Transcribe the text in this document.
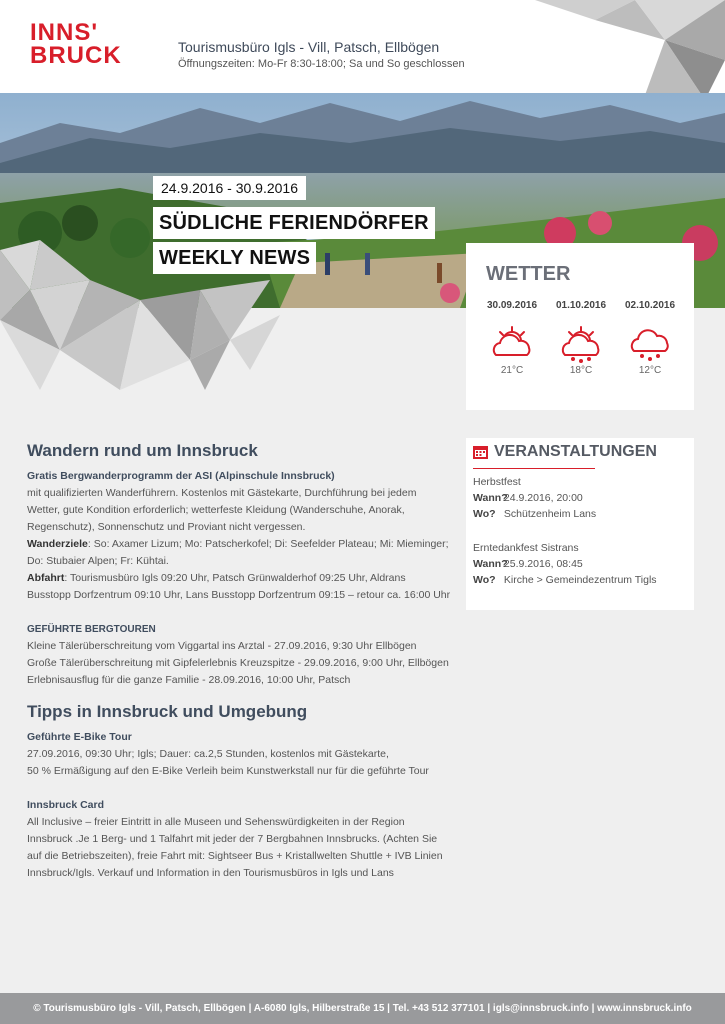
INNS'
BRUCK	Tourismusbüro Igls - Vill, Patsch, Ellbögen
Öffnungszeiten: Mo-Fr 8:30-18:00; Sa und So geschlossen
24.9.2016 - 30.9.2016
SÜDLICHE FERIENDÖRFER
WEEKLY NEWS
WETTER
30.09.2016
21°C
01.10.2016
18°C
02.10.2016
12°C
VERANSTALTUNGEN
Herbstfest
Wann? 24.9.2016, 20:00
Wo? Schützenheim Lans
Erntedankfest Sistrans
Wann? 25.9.2016, 08:45
Wo? Kirche > Gemeindezentrum Tigls
Wandern rund um Innsbruck
Gratis Bergwanderprogramm der ASI (Alpinschule Innsbruck)
mit qualifizierten Wanderführern. Kostenlos mit Gästekarte, Durchführung bei jedem Wetter, gute Kondition erforderlich; wetterfeste Kleidung (Wanderschuhe, Anorak, Regenschutz), Sonnenschutz und Proviant nicht vergessen.
Wanderziele: So: Axamer Lizum; Mo: Patscherkofel; Di: Seefelder Plateau; Mi: Mieminger; Do: Stubaier Alpen; Fr: Kühtai.
Abfahrt: Tourismusbüro Igls 09:20 Uhr, Patsch Grünwalderhof 09:25 Uhr, Aldrans Busstopp Dorfzentrum 09:10 Uhr, Lans Busstopp Dorfzentrum 09:15 – retour ca. 16:00 Uhr
GEFÜHRTE BERGTOUREN
Kleine Tälerüberschreitung vom Viggartal ins Arztal - 27.09.2016, 9:30 Uhr Ellbögen
Große Tälerüberschreitung mit Gipfelerlebnis Kreuzspitze - 29.09.2016, 9:00 Uhr, Ellbögen
Erlebnisausflug für die ganze Familie - 28.09.2016, 10:00 Uhr, Patsch
Tipps in Innsbruck und Umgebung
Geführte E-Bike Tour
27.09.2016, 09:30 Uhr; Igls; Dauer: ca.2,5 Stunden, kostenlos mit Gästekarte,
50 % Ermäßigung auf den E-Bike Verleih beim Kunstwerkstall nur für die geführte Tour
Innsbruck Card
All Inclusive – freier Eintritt in alle Museen und Sehenswürdigkeiten in der Region Innsbruck .Je 1 Berg- und 1 Talfahrt mit jeder der 7 Bergbahnen Innsbrucks. (Achten Sie auf die Betriebszeiten), freie Fahrt mit: Sightseer Bus + Kristallwelten Shuttle + IVB Linien Innsbruck/Igls. Verkauf und Information in den Tourismusbüros in Igls und Lans
© Tourismusbüro Igls - Vill, Patsch, Ellbögen | A-6080 Igls, Hilberstraße 15 | Tel. +43 512 377101 | igls@innsbruck.info | www.innsbruck.info
